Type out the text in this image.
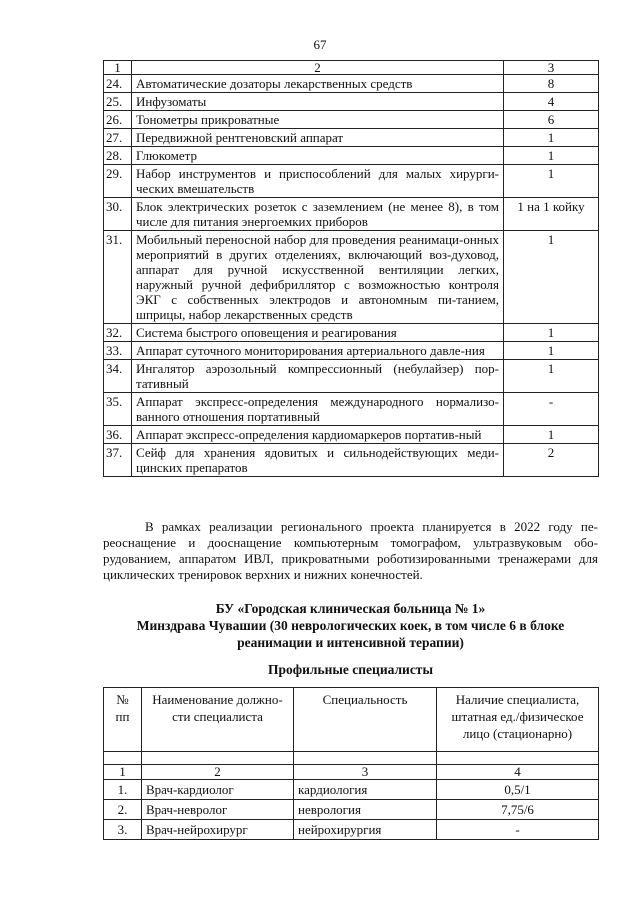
67
1	2	3
24.	Автоматические дозаторы лекарственных средств	8
25.	Инфузоматы	4
26.	Тонометры прикроватные	6
27.	Передвижной рентгеновский аппарат	1
28.	Глюкометр	1
29.	Набор инструментов и приспособлений для малых хирурги-ческих вмешательств	1
30.	Блок электрических розеток с заземлением (не менее 8), в том числе для питания энергоемких приборов	1 на 1 койку
31.	Мобильный переносной набор для проведения реанимаци-онных мероприятий в других отделениях, включающий воз-духовод, аппарат для ручной искусственной вентиляции легких, наружный ручной дефибриллятор с возможностью контроля ЭКГ с собственных электродов и автономным пи-танием, шприцы, набор лекарственных средств	1
32.	Система быстрого оповещения и реагирования	1
33.	Аппарат суточного мониторирования артериального давле-ния	1
34.	Ингалятор аэрозольный компрессионный (небулайзер) пор-тативный	1
35.	Аппарат экспресс-определения международного нормализо-ванного отношения портативный	-
36.	Аппарат экспресс-определения кардиомаркеров портатив-ный	1
37.	Сейф для хранения ядовитых и сильнодействующих меди-цинских препаратов	2
В рамках реализации регионального проекта планируется в 2022 году пе-реоснащение и дооснащение компьютерным томографом, ультразвуковым обо-рудованием, аппаратом ИВЛ, прикроватными роботизированными тренажерами для циклических тренировок верхних и нижних конечностей.
БУ «Городская клиническая больница № 1»
Минздрава Чувашии (30 неврологических коек, в том числе 6 в блоке
реанимации и интенсивной терапии)
Профильные специалисты
№ пп	Наименование должно-сти специалиста	Специальность	Наличие специалиста, штатная ед./физическое лицо (стационарно)

1	2	3	4
1.	Врач-кардиолог	кардиология	0,5/1
2.	Врач-невролог	неврология	7,75/6
3.	Врач-нейрохирург	нейрохирургия	-
